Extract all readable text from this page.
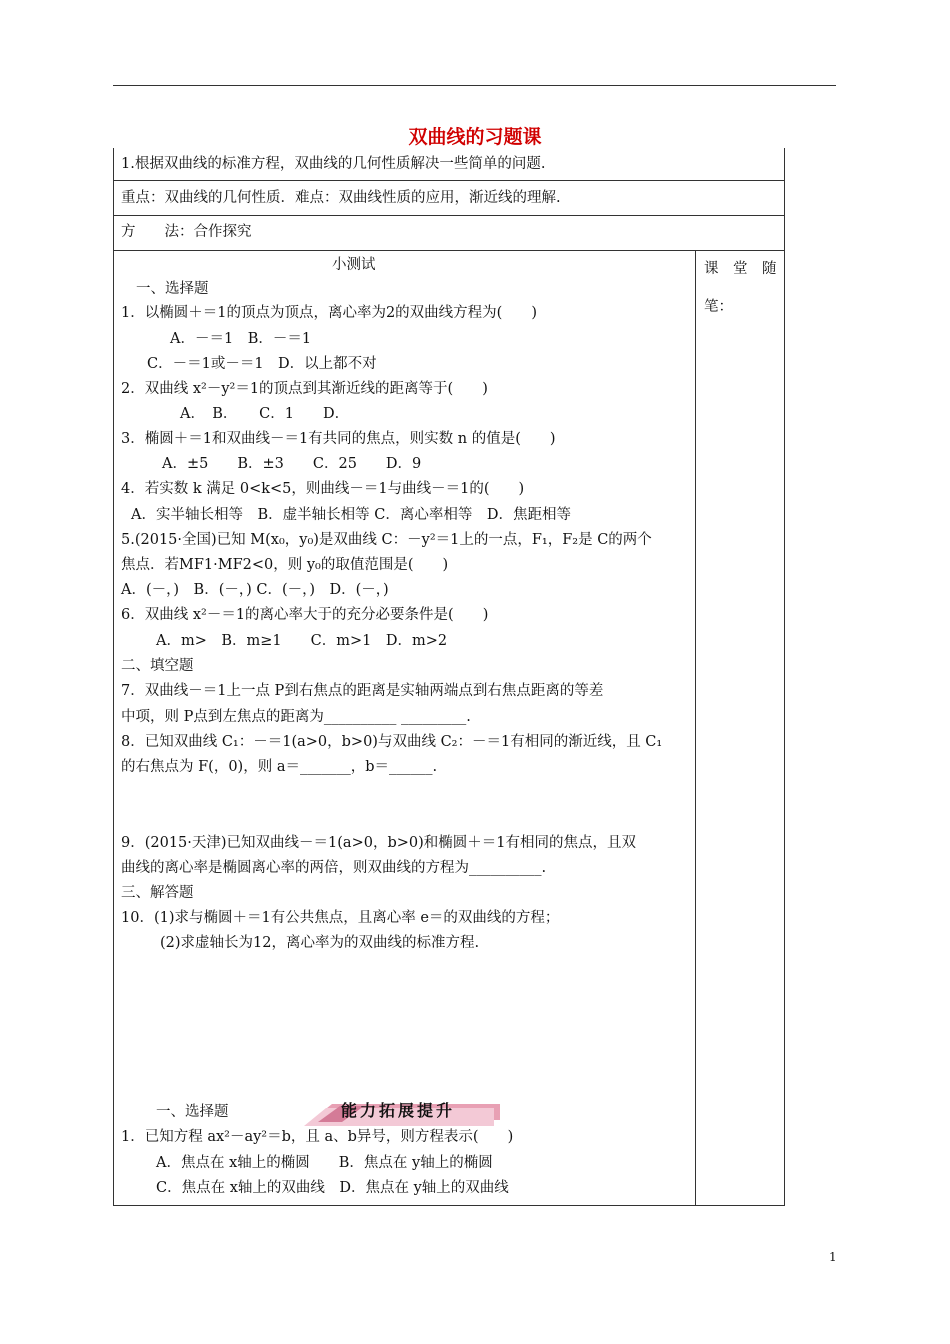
双曲线的习题课
1.根据双曲线的标准方程，双曲线的几何性质解决一些简单的问题.
重点：双曲线的几何性质．难点：双曲线性质的应用，渐近线的理解.
方　　法：合作探究
课　堂　随
笔：
小测试
一、选择题
1．以椭圆＋＝1的顶点为顶点，离心率为2的双曲线方程为(　　)
A．－＝1　B．－＝1
C．－＝1或－＝1　D．以上都不对
2．双曲线 x²－y²＝1的顶点到其渐近线的距离等于(　　)
A．　B．　　C．1　　D．
3．椭圆＋＝1和双曲线－＝1有共同的焦点，则实数 n 的值是(　　)
A．±5　　B．±3　　C．25　　D．9
4．若实数 k 满足 0<k<5，则曲线－＝1与曲线－＝1的(　　)
A．实半轴长相等　B．虚半轴长相等 C．离心率相等　D．焦距相等
5.(2015·全国)已知 M(x₀，y₀)是双曲线 C：－y²＝1上的一点，F₁，F₂是 C的两个
焦点．若MF1·MF2<0，则 y₀的取值范围是(　　)
A．(－，)　B．(－，) C．(－，)　D．(－，)
6．双曲线 x²－＝1的离心率大于的充分必要条件是(　　)
A．m>　B．m≥1　　C．m>1　D．m>2
二、填空题
7．双曲线－＝1上一点 P到右焦点的距离是实轴两端点到右焦点距离的等差
中项，则 P点到左焦点的距离为__________ _________.
8．已知双曲线 C₁：－＝1(a>0，b>0)与双曲线 C₂：－＝1有相同的渐近线，且 C₁
的右焦点为 F(，0)，则 a＝_______，b＝______.
9．(2015·天津)已知双曲线－＝1(a>0，b>0)和椭圆＋＝1有相同的焦点，且双
曲线的离心率是椭圆离心率的两倍，则双曲线的方程为__________.
三、解答题
10．(1)求与椭圆＋＝1有公共焦点，且离心率 e＝的双曲线的方程；
(2)求虚轴长为12，离心率为的双曲线的标准方程.
能力拓展提升
一、选择题
1．已知方程 ax²－ay²＝b，且 a、b异号，则方程表示(　　)
A．焦点在 x轴上的椭圆　　B．焦点在 y轴上的椭圆
C．焦点在 x轴上的双曲线　D．焦点在 y轴上的双曲线
1
